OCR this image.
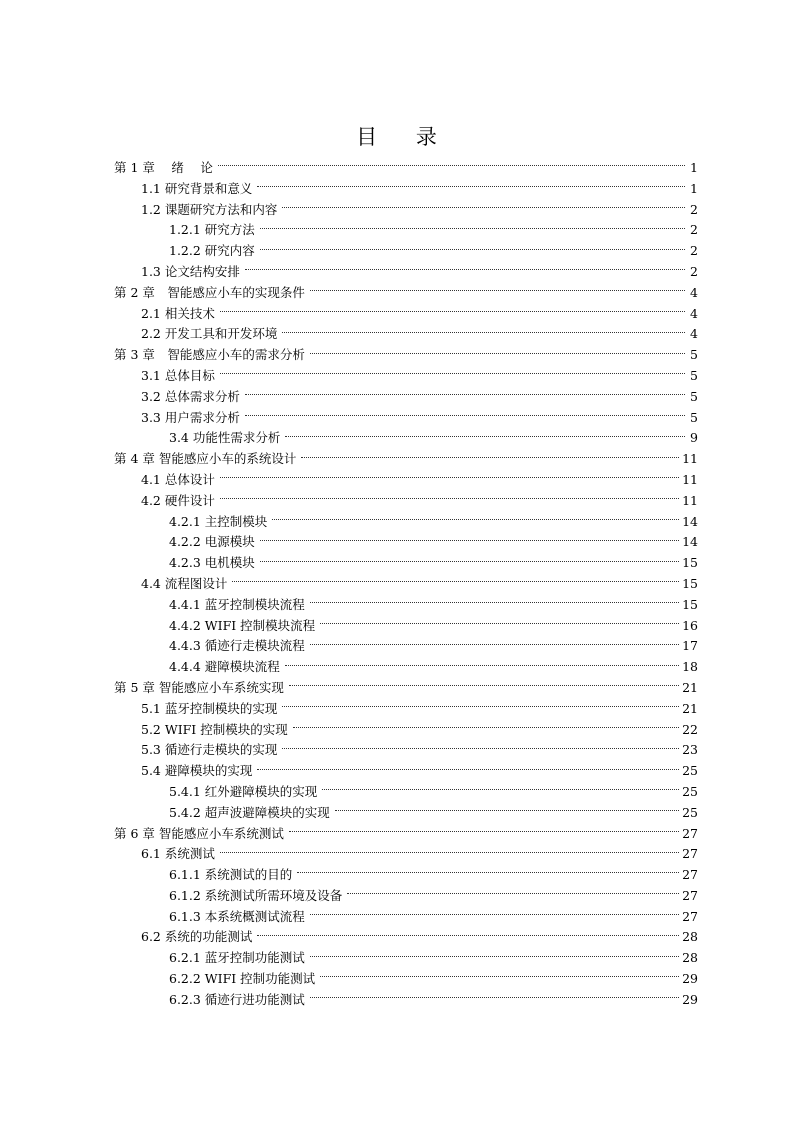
目 录
第 1 章　 绪　 论	1
1.1 研究背景和意义	1
1.2 课题研究方法和内容	2
1.2.1 研究方法	2
1.2.2 研究内容	2
1.3 论文结构安排	2
第 2 章　智能感应小车的实现条件	4
2.1 相关技术	4
2.2 开发工具和开发环境	4
第 3 章　智能感应小车的需求分析	5
3.1 总体目标	5
3.2 总体需求分析	5
3.3 用户需求分析	5
3.4 功能性需求分析	9
第 4 章 智能感应小车的系统设计	11
4.1 总体设计	11
4.2 硬件设计	11
4.2.1 主控制模块	14
4.2.2 电源模块	14
4.2.3 电机模块	15
4.4 流程图设计	15
4.4.1 蓝牙控制模块流程	15
4.4.2 WIFI 控制模块流程	16
4.4.3 循迹行走模块流程	17
4.4.4 避障模块流程	18
第 5 章 智能感应小车系统实现	21
5.1 蓝牙控制模块的实现	21
5.2 WIFI 控制模块的实现	22
5.3 循迹行走模块的实现	23
5.4 避障模块的实现	25
5.4.1 红外避障模块的实现	25
5.4.2 超声波避障模块的实现	25
第 6 章 智能感应小车系统测试	27
6.1 系统测试	27
6.1.1 系统测试的目的	27
6.1.2 系统测试所需环境及设备	27
6.1.3 本系统概测试流程	27
6.2 系统的功能测试	28
6.2.1 蓝牙控制功能测试	28
6.2.2 WIFI 控制功能测试	29
6.2.3 循迹行进功能测试	29
